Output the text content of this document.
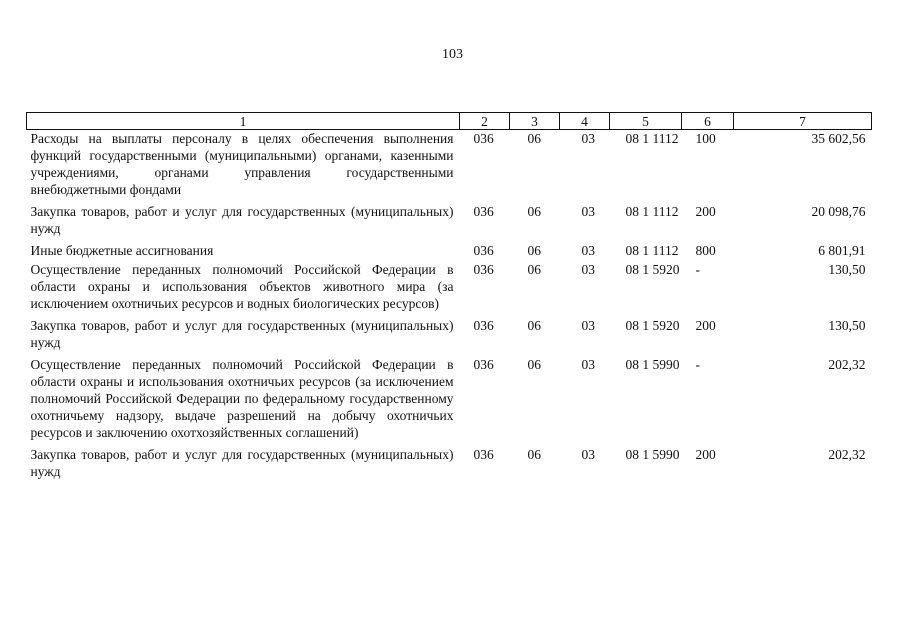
103
1	2	3	4	5	6	7
Расходы на выплаты персоналу в целях обеспечения выполнения функций государственными (муниципальными) органами, казенными учреждениями, органами управления государственными внебюджетными фондами	036	06	03	08 1 1112	100	35 602,56
Закупка товаров, работ и услуг для государственных (муниципальных) нужд	036	06	03	08 1 1112	200	20 098,76
Иные бюджетные ассигнования	036	06	03	08 1 1112	800	6 801,91
Осуществление переданных полномочий Российской Федерации в области охраны и использования объектов животного мира (за исключением охотничьих ресурсов и водных биологических ресурсов)	036	06	03	08 1 5920	-	130,50
Закупка товаров, работ и услуг для государственных (муниципальных) нужд	036	06	03	08 1 5920	200	130,50
Осуществление переданных полномочий Российской Федерации в области охраны и использования охотничьих ресурсов (за исключением полномочий Российской Федерации по федеральному государственному охотничьему надзору, выдаче разрешений на добычу охотничьих ресурсов и заключению охотхозяйственных соглашений)	036	06	03	08 1 5990	-	202,32
Закупка товаров, работ и услуг для государственных (муниципальных) нужд	036	06	03	08 1 5990	200	202,32
